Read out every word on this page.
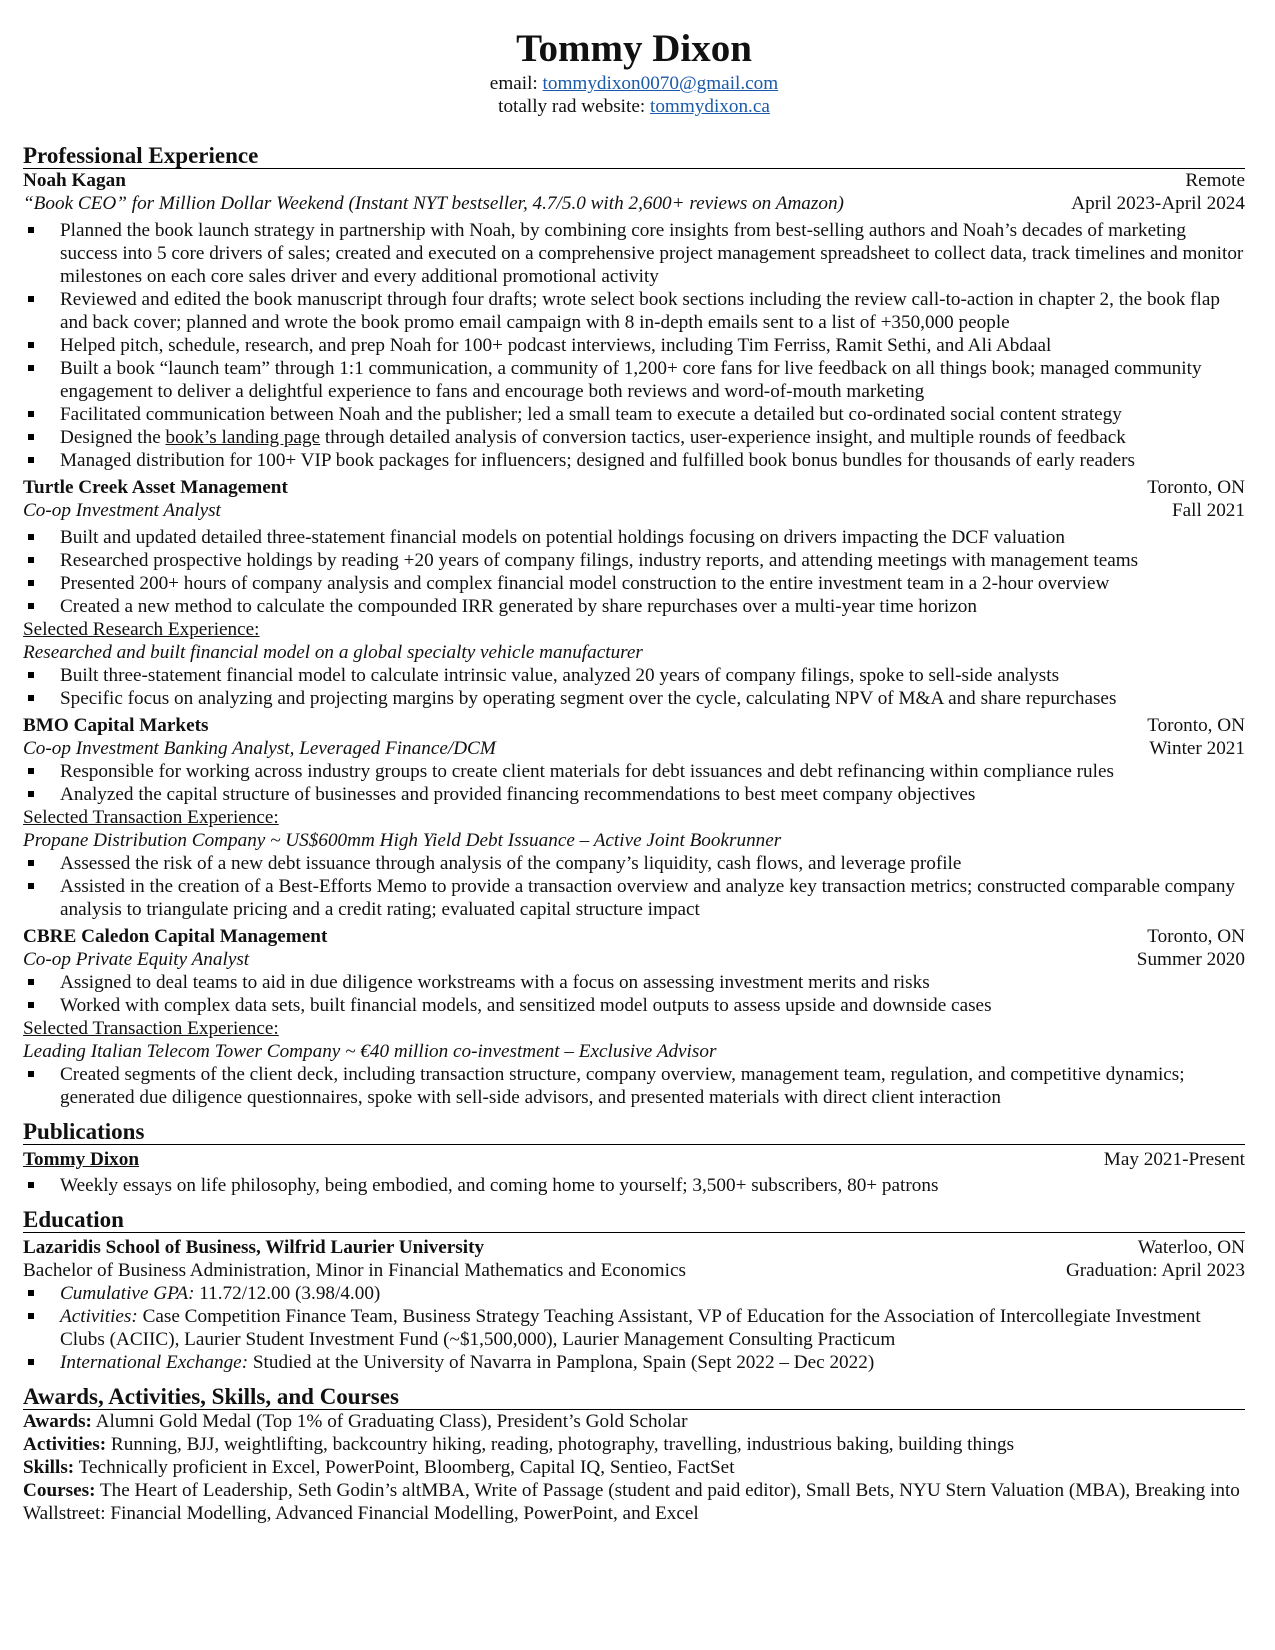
Tommy Dixon
email: tommydixon0070@gmail.com
totally rad website: tommydixon.ca
Professional Experience
Noah Kagan	Remote
“Book CEO” for Million Dollar Weekend (Instant NYT bestseller, 4.7/5.0 with 2,600+ reviews on Amazon)	April 2023-April 2024
Planned the book launch strategy in partnership with Noah, by combining core insights from best-selling authors and Noah’s decades of marketing success into 5 core drivers of sales; created and executed on a comprehensive project management spreadsheet to collect data, track timelines and monitor milestones on each core sales driver and every additional promotional activity
Reviewed and edited the book manuscript through four drafts; wrote select book sections including the review call-to-action in chapter 2, the book flap and back cover; planned and wrote the book promo email campaign with 8 in-depth emails sent to a list of +350,000 people
Helped pitch, schedule, research, and prep Noah for 100+ podcast interviews, including Tim Ferriss, Ramit Sethi, and Ali Abdaal
Built a book “launch team” through 1:1 communication, a community of 1,200+ core fans for live feedback on all things book; managed community engagement to deliver a delightful experience to fans and encourage both reviews and word-of-mouth marketing
Facilitated communication between Noah and the publisher; led a small team to execute a detailed but co-ordinated social content strategy
Designed the book’s landing page through detailed analysis of conversion tactics, user-experience insight, and multiple rounds of feedback
Managed distribution for 100+ VIP book packages for influencers; designed and fulfilled book bonus bundles for thousands of early readers
Turtle Creek Asset Management	Toronto, ON
Co-op Investment Analyst	Fall 2021
Built and updated detailed three-statement financial models on potential holdings focusing on drivers impacting the DCF valuation
Researched prospective holdings by reading +20 years of company filings, industry reports, and attending meetings with management teams
Presented 200+ hours of company analysis and complex financial model construction to the entire investment team in a 2-hour overview
Created a new method to calculate the compounded IRR generated by share repurchases over a multi-year time horizon
Selected Research Experience:
Researched and built financial model on a global specialty vehicle manufacturer
Built three-statement financial model to calculate intrinsic value, analyzed 20 years of company filings, spoke to sell-side analysts
Specific focus on analyzing and projecting margins by operating segment over the cycle, calculating NPV of M&A and share repurchases
BMO Capital Markets	Toronto, ON
Co-op Investment Banking Analyst, Leveraged Finance/DCM	Winter 2021
Responsible for working across industry groups to create client materials for debt issuances and debt refinancing within compliance rules
Analyzed the capital structure of businesses and provided financing recommendations to best meet company objectives
Selected Transaction Experience:
Propane Distribution Company ~ US$600mm High Yield Debt Issuance – Active Joint Bookrunner
Assessed the risk of a new debt issuance through analysis of the company’s liquidity, cash flows, and leverage profile
Assisted in the creation of a Best-Efforts Memo to provide a transaction overview and analyze key transaction metrics; constructed comparable company analysis to triangulate pricing and a credit rating; evaluated capital structure impact
CBRE Caledon Capital Management	Toronto, ON
Co-op Private Equity Analyst	Summer 2020
Assigned to deal teams to aid in due diligence workstreams with a focus on assessing investment merits and risks
Worked with complex data sets, built financial models, and sensitized model outputs to assess upside and downside cases
Selected Transaction Experience:
Leading Italian Telecom Tower Company ~ €40 million co-investment – Exclusive Advisor
Created segments of the client deck, including transaction structure, company overview, management team, regulation, and competitive dynamics; generated due diligence questionnaires, spoke with sell-side advisors, and presented materials with direct client interaction
Publications
Tommy Dixon	May 2021-Present
Weekly essays on life philosophy, being embodied, and coming home to yourself; 3,500+ subscribers, 80+ patrons
Education
Lazaridis School of Business, Wilfrid Laurier University	Waterloo, ON
Bachelor of Business Administration, Minor in Financial Mathematics and Economics	Graduation: April 2023
Cumulative GPA: 11.72/12.00 (3.98/4.00)
Activities: Case Competition Finance Team, Business Strategy Teaching Assistant, VP of Education for the Association of Intercollegiate Investment Clubs (ACIIC), Laurier Student Investment Fund (~$1,500,000), Laurier Management Consulting Practicum
International Exchange: Studied at the University of Navarra in Pamplona, Spain (Sept 2022 – Dec 2022)
Awards, Activities, Skills, and Courses
Awards: Alumni Gold Medal (Top 1% of Graduating Class), President’s Gold Scholar
Activities: Running, BJJ, weightlifting, backcountry hiking, reading, photography, travelling, industrious baking, building things
Skills: Technically proficient in Excel, PowerPoint, Bloomberg, Capital IQ, Sentieo, FactSet
Courses: The Heart of Leadership, Seth Godin’s altMBA, Write of Passage (student and paid editor), Small Bets, NYU Stern Valuation (MBA), Breaking into Wallstreet: Financial Modelling, Advanced Financial Modelling, PowerPoint, and Excel
